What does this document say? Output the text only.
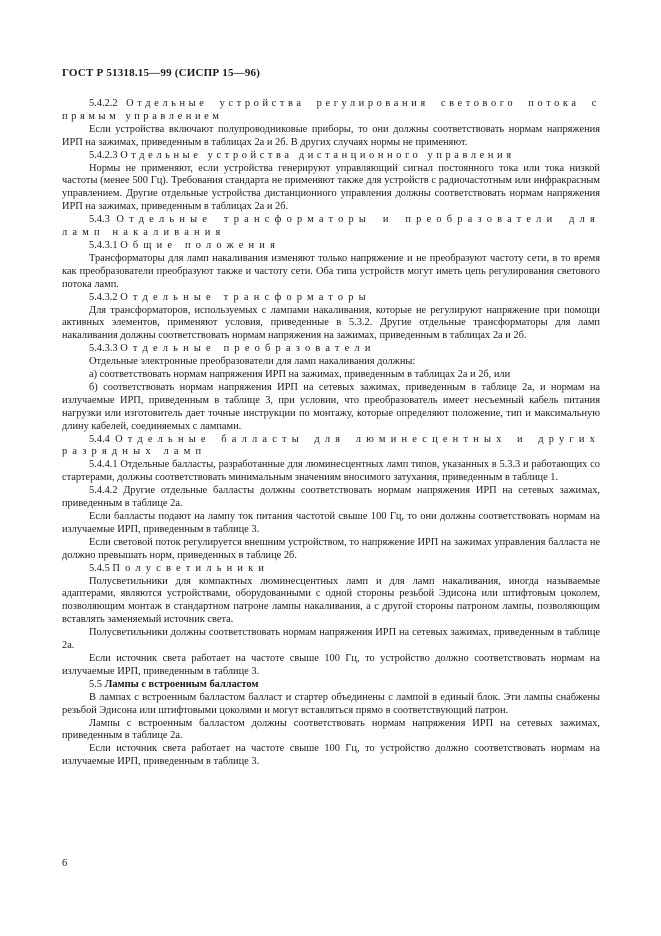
ГОСТ Р 51318.15—99 (СИСПР 15—96)

5.4.2.2 Отдельные устройства регулирования светового потока с прямым управлением

Если устройства включают полупроводниковые приборы, то они должны соответствовать нормам напряжения ИРП на зажимах, приведенным в таблицах 2а и 2б. В других случаях нормы не применяют.

5.4.2.3 Отдельные устройства дистанционного управления

Нормы не применяют, если устройства генерируют управляющий сигнал постоянного тока или тока низкой частоты (менее 500 Гц). Требования стандарта не применяют также для устройств с радиочастотным или инфракрасным управлением. Другие отдельные устройства дистанционного управления должны соответствовать нормам напряжения ИРП на зажимах, приведенным в таблицах 2а и 2б.

5.4.3 Отдельные трансформаторы и преобразователи для ламп накаливания

5.4.3.1 Общие положения

Трансформаторы для ламп накаливания изменяют только напряжение и не преобразуют частоту сети, в то время как преобразователи преобразуют также и частоту сети. Оба типа устройств могут иметь цепь регулирования светового потока ламп.

5.4.3.2 Отдельные трансформаторы

Для трансформаторов, используемых с лампами накаливания, которые не регулируют напряжение при помощи активных элементов, применяют условия, приведенные в 5.3.2. Другие отдельные трансформаторы для ламп накаливания должны соответствовать нормам напряжения на зажимах, приведенным в таблицах 2а и 2б.

5.4.3.3 Отдельные преобразователи

Отдельные электронные преобразователи для ламп накаливания должны:

а) соответствовать нормам напряжения ИРП на зажимах, приведенным в таблицах 2а и 2б, или

б) соответствовать нормам напряжения ИРП на сетевых зажимах, приведенным в таблице 2а, и нормам на излучаемые ИРП, приведенным в таблице 3, при условии, что преобразователь имеет несъемный кабель питания нагрузки или изготовитель дает точные инструкции по монтажу, которые определяют положение, тип и максимальную длину кабелей, соединяемых с лампами.

5.4.4 Отдельные балласты для люминесцентных и других разрядных ламп

5.4.4.1 Отдельные балласты, разработанные для люминесцентных ламп типов, указанных в 5.3.3 и работающих со стартерами, должны соответствовать минимальным значениям вносимого затухания, приведенным в таблице 1.

5.4.4.2 Другие отдельные балласты должны соответствовать нормам напряжения ИРП на сетевых зажимах, приведенным в таблице 2а.

Если балласты подают на лампу ток питания частотой свыше 100 Гц, то они должны соответствовать нормам на излучаемые ИРП, приведенным в таблице 3.

Если световой поток регулируется внешним устройством, то напряжение ИРП на зажимах управления балласта не должно превышать норм, приведенных в таблице 2б.

5.4.5 Полусветильники

Полусветильники для компактных люминесцентных ламп и для ламп накаливания, иногда называемые адаптерами, являются устройствами, оборудованными с одной стороны резьбой Эдисона или штифтовым цоколем, позволяющим монтаж в стандартном патроне лампы накаливания, а с другой стороны патроном лампы, позволяющим вставлять заменяемый источник света.

Полусветильники должны соответствовать нормам напряжения ИРП на сетевых зажимах, приведенным в таблице 2а.

Если источник света работает на частоте свыше 100 Гц, то устройство должно соответствовать нормам на излучаемые ИРП, приведенным в таблице 3.

5.5 Лампы с встроенным балластом

В лампах с встроенным балластом балласт и стартер объединены с лампой в единый блок. Эти лампы снабжены резьбой Эдисона или штифтовыми цоколями и могут вставляться прямо в соответствующий патрон.

Лампы с встроенным балластом должны соответствовать нормам напряжения ИРП на сетевых зажимах, приведенным в таблице 2а.

Если источник света работает на частоте свыше 100 Гц, то устройство должно соответствовать нормам на излучаемые ИРП, приведенным в таблице 3.

6
